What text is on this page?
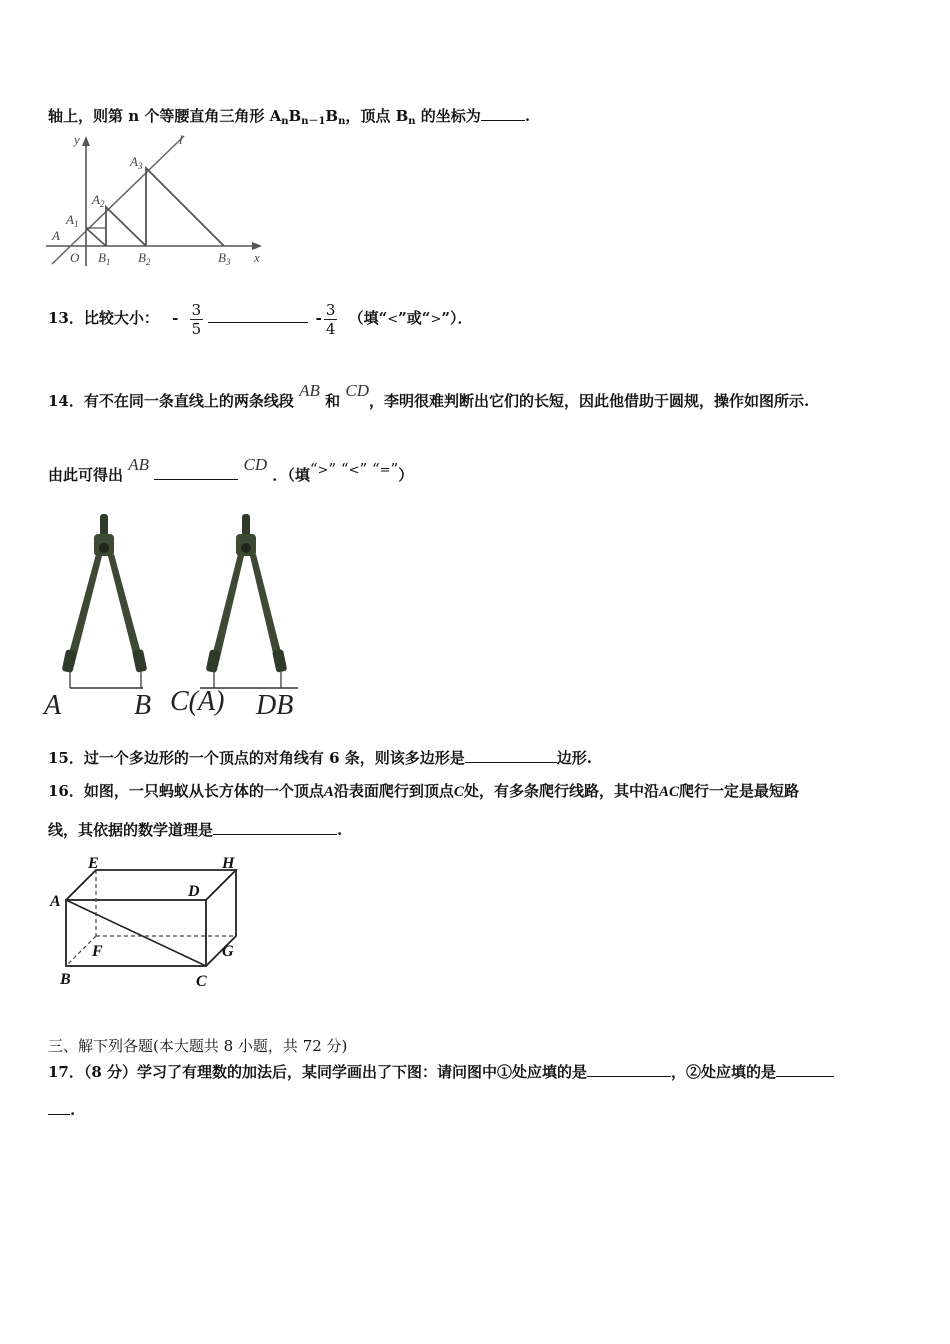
轴上，则第 n 个等腰直角三角形 $A_nB_{n-1}B_n$，顶点 $B_n$ 的坐标为	.
y	l
x
O
A
$A_1$
$A_2$
$A_3$
$B_1$ $B_2$	$B_3$
13．比较大小： - $\frac{3}{5}$	- $\frac{3}{4}$ （填“<”或“>”）．
14．有不在同一条直线上的两条线段 AB 和 CD，李明很难判断出它们的长短，因此他借助于圆规，操作如图所示.
由此可得出 AB	CD ．（填“>” “<” “=”）
A	B C(A) DB
15．过一个多边形的一个顶点的对角线有 6 条，则该多边形是	边形.
16．如图，一只蚂蚁从长方体的一个顶点A沿表面爬行到顶点C处，有多条爬行线路，其中沿AC爬行一定是最短路
线，其依据的数学道理是	.
E	H
A
D
F	G
B	C
三、解下列各题(本大题共 8 小题，共 72 分)
17．（8 分）学习了有理数的加法后，某同学画出了下图：请问图中①处应填的是	，②处应填的是
.
